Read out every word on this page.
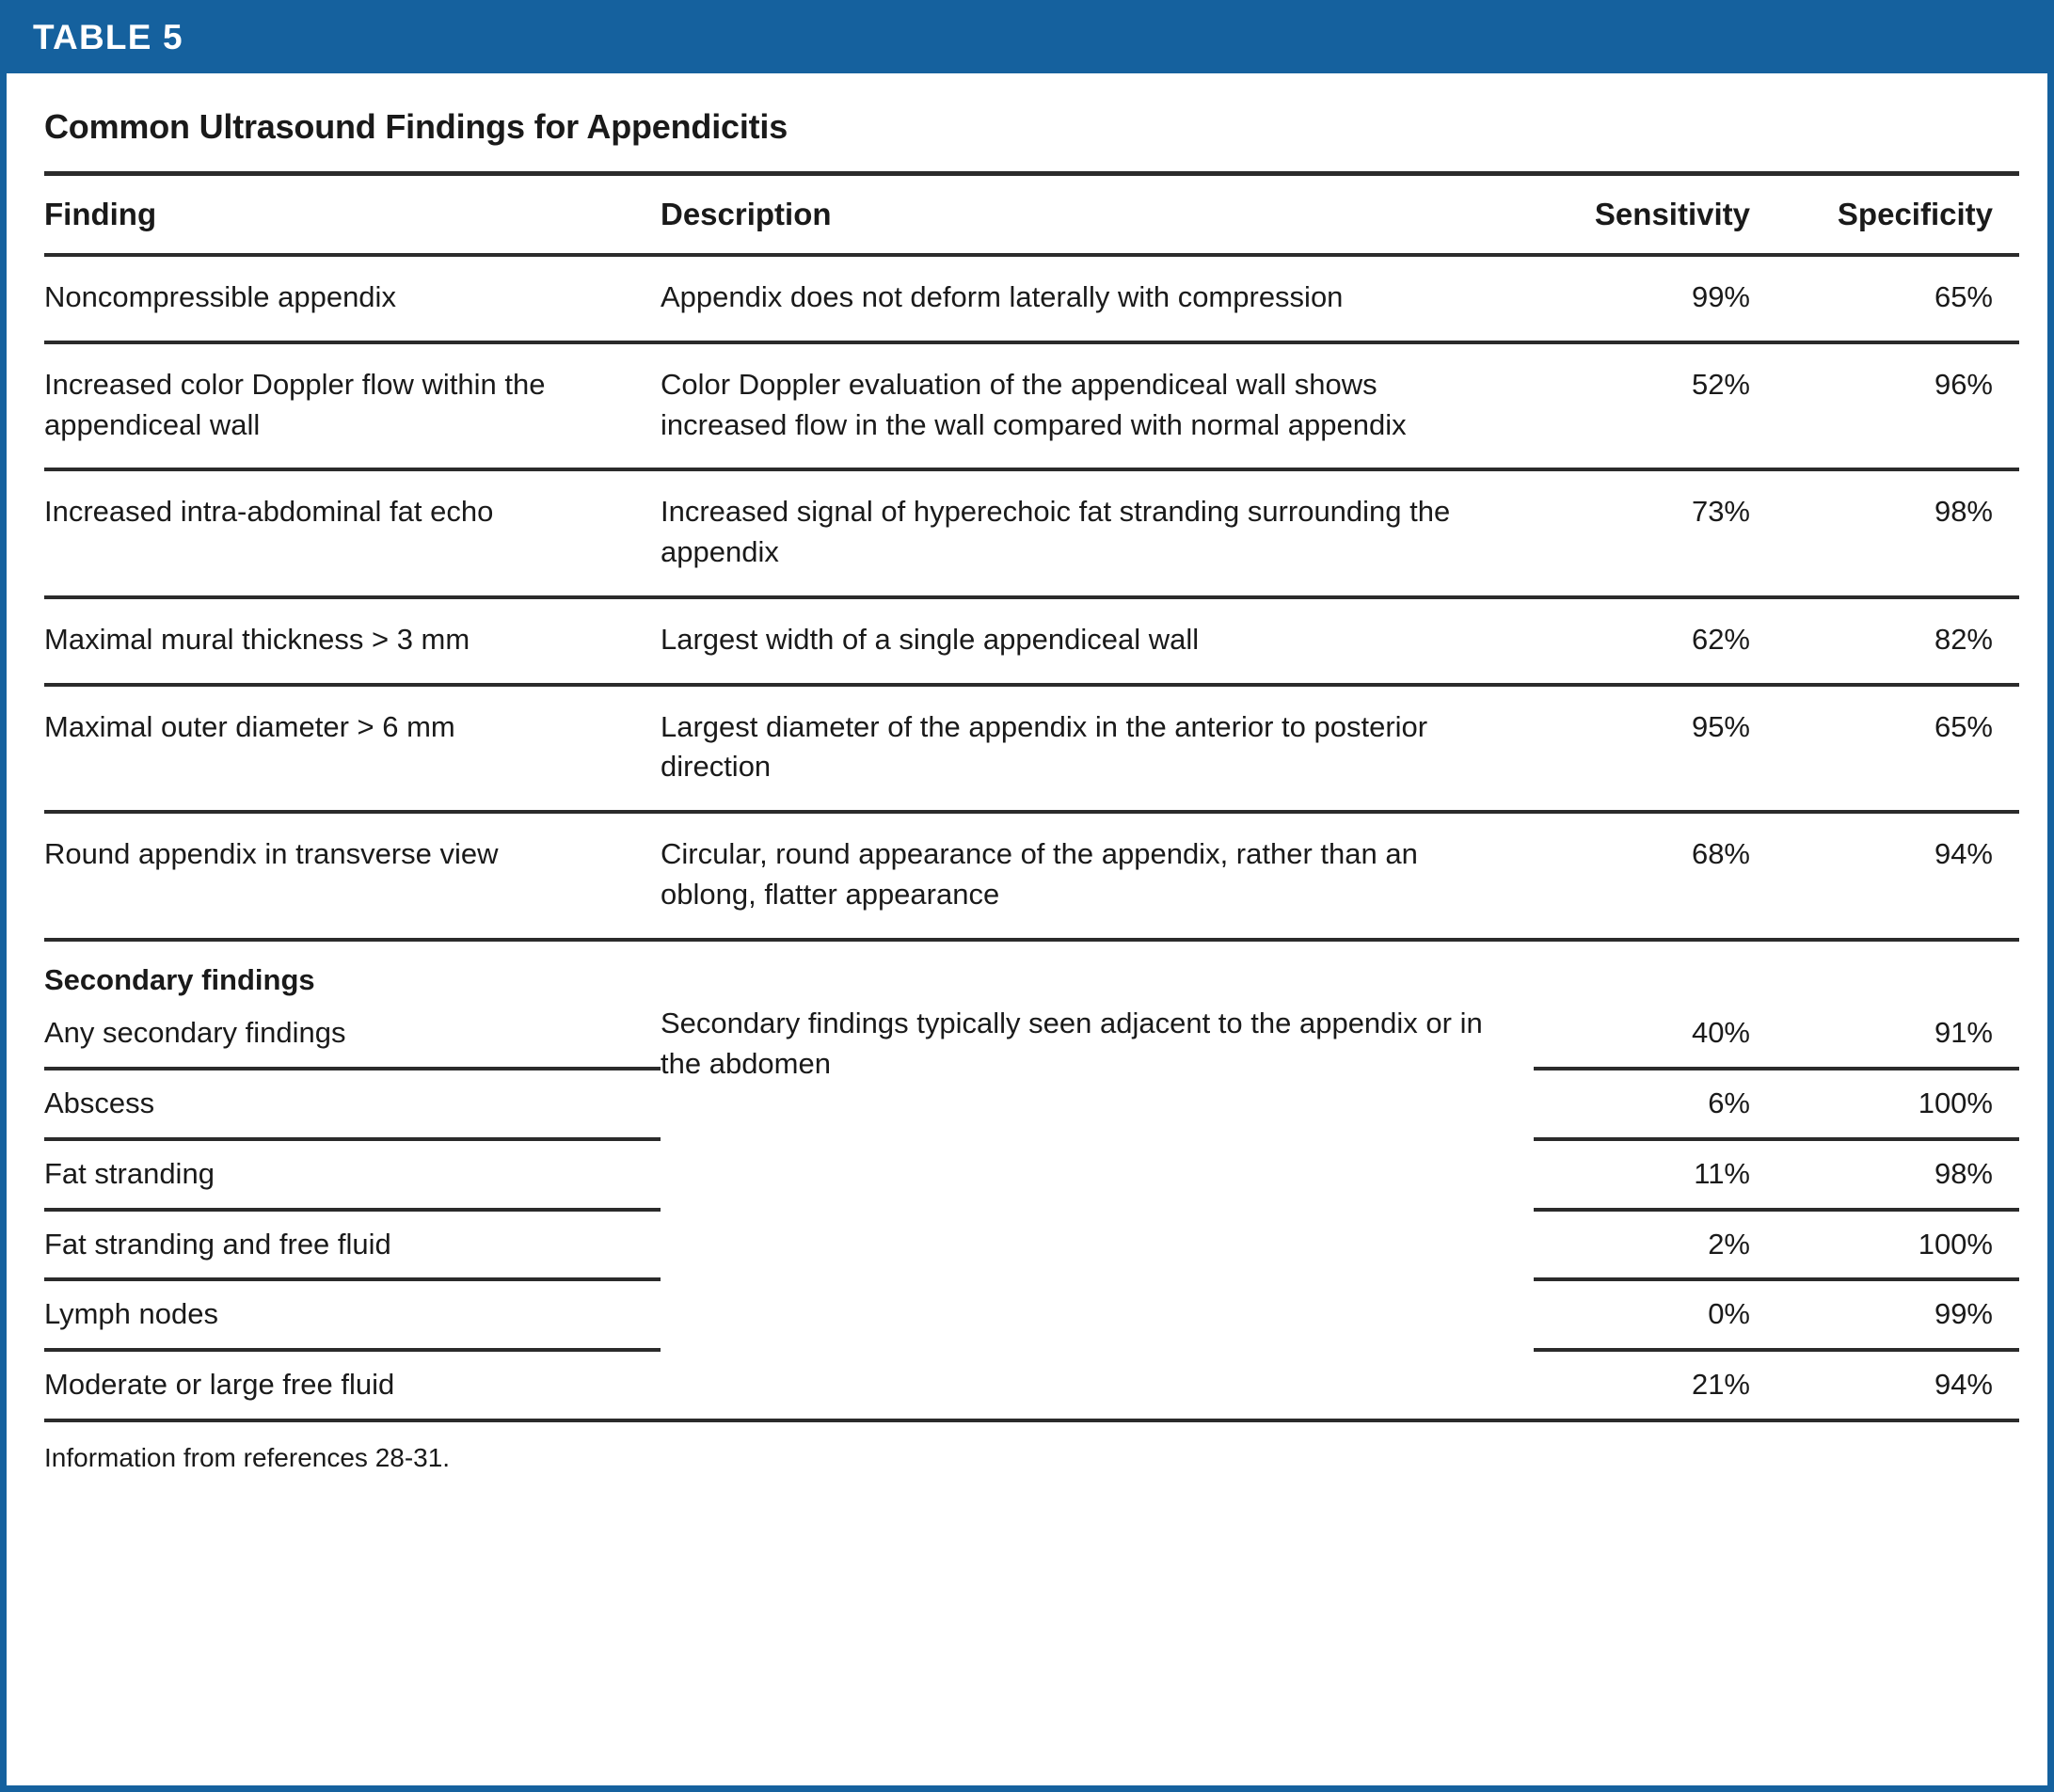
TABLE 5
Common Ultrasound Findings for Appendicitis
Finding	Description	Sensitivity	Specificity
Noncompressible appendix	Appendix does not deform laterally with compression	99%	65%
Increased color Doppler flow within the appendiceal wall	Color Doppler evaluation of the appendiceal wall shows increased flow in the wall compared with normal appendix	52%	96%
Increased intra-abdominal fat echo	Increased signal of hyperechoic fat stranding surrounding the appendix	73%	98%
Maximal mural thickness > 3 mm	Largest width of a single appendiceal wall	62%	82%
Maximal outer diameter > 6 mm	Largest diameter of the appendix in the anterior to posterior direction	95%	65%
Round appendix in transverse view	Circular, round appearance of the appendix, rather than an oblong, flatter appearance	68%	94%
Secondary findings			
Any secondary findings	Secondary findings typically seen adjacent to the appendix or in the abdomen	40%	91%
Abscess		6%	100%
Fat stranding		11%	98%
Fat stranding and free fluid		2%	100%
Lymph nodes		0%	99%
Moderate or large free fluid		21%	94%

Information from references 28-31.
